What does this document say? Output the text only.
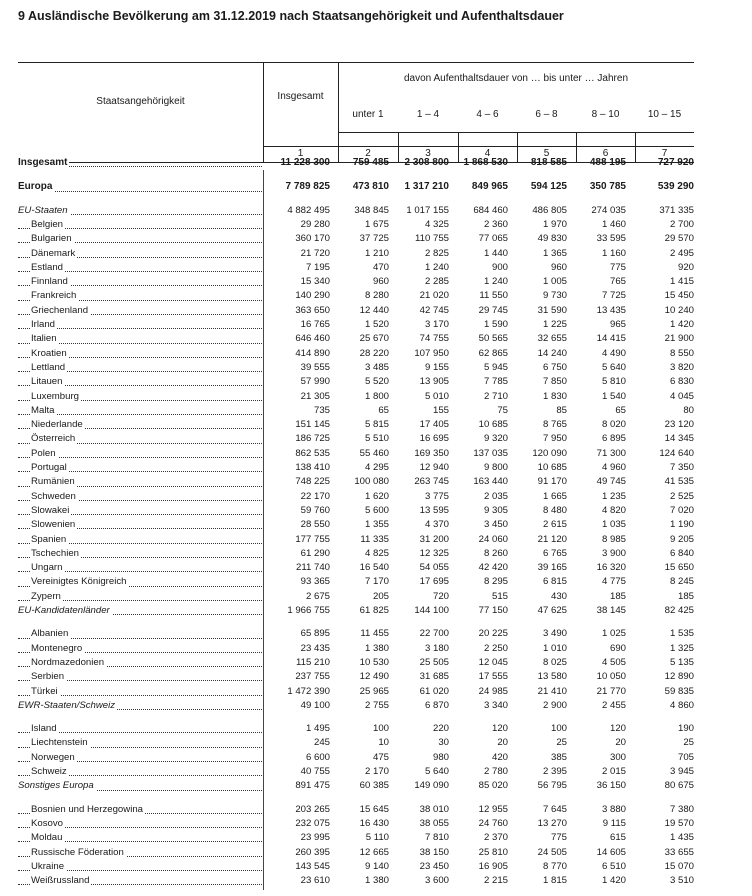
9 Ausländische Bevölkerung am 31.12.2019 nach Staatsangehörigkeit und Aufenthaltsdauer
Staatsangehörigkeit	Insgesamt
davon Aufenthaltsdauer von … bis unter … Jahren
unter 1	1 – 4	4 – 6	6 – 8	8 – 10	10 – 15
1	2	3	4	5	6	7
Insgesamt	11 228 300	759 485	2 308 800	1 868 530	818 585	488 195	727 920
Europa	7 789 825	473 810	1 317 210	849 965	594 125	350 785	539 290
EU-Staaten	4 882 495	348 845	1 017 155	684 460	486 805	274 035	371 335
Belgien	29 280	1 675	4 325	2 360	1 970	1 460	2 700
Bulgarien	360 170	37 725	110 755	77 065	49 830	33 595	29 570
Dänemark	21 720	1 210	2 825	1 440	1 365	1 160	2 495
Estland	7 195	470	1 240	900	960	775	920
Finnland	15 340	960	2 285	1 240	1 005	765	1 415
Frankreich	140 290	8 280	21 020	11 550	9 730	7 725	15 450
Griechenland	363 650	12 440	42 745	29 745	31 590	13 435	10 240
Irland	16 765	1 520	3 170	1 590	1 225	965	1 420
Italien	646 460	25 670	74 755	50 565	32 655	14 415	21 900
Kroatien	414 890	28 220	107 950	62 865	14 240	4 490	8 550
Lettland	39 555	3 485	9 155	5 945	6 750	5 640	3 820
Litauen	57 990	5 520	13 905	7 785	7 850	5 810	6 830
Luxemburg	21 305	1 800	5 010	2 710	1 830	1 540	4 045
Malta	735	65	155	75	85	65	80
Niederlande	151 145	5 815	17 405	10 685	8 765	8 020	23 120
Österreich	186 725	5 510	16 695	9 320	7 950	6 895	14 345
Polen	862 535	55 460	169 350	137 035	120 090	71 300	124 640
Portugal	138 410	4 295	12 940	9 800	10 685	4 960	7 350
Rumänien	748 225	100 080	263 745	163 440	91 170	49 745	41 535
Schweden	22 170	1 620	3 775	2 035	1 665	1 235	2 525
Slowakei	59 760	5 600	13 595	9 305	8 480	4 820	7 020
Slowenien	28 550	1 355	4 370	3 450	2 615	1 035	1 190
Spanien	177 755	11 335	31 200	24 060	21 120	8 985	9 205
Tschechien	61 290	4 825	12 325	8 260	6 765	3 900	6 840
Ungarn	211 740	16 540	54 055	42 420	39 165	16 320	15 650
Vereinigtes Königreich	93 365	7 170	17 695	8 295	6 815	4 775	8 245
Zypern	2 675	205	720	515	430	185	185
EU-Kandidatenländer	1 966 755	61 825	144 100	77 150	47 625	38 145	82 425
Albanien	65 895	11 455	22 700	20 225	3 490	1 025	1 535
Montenegro	23 435	1 380	3 180	2 250	1 010	690	1 325
Nordmazedonien	115 210	10 530	25 505	12 045	8 025	4 505	5 135
Serbien	237 755	12 490	31 685	17 555	13 580	10 050	12 890
Türkei	1 472 390	25 965	61 020	24 985	21 410	21 770	59 835
EWR-Staaten/Schweiz	49 100	2 755	6 870	3 340	2 900	2 455	4 860
Island	1 495	100	220	120	100	120	190
Liechtenstein	245	10	30	20	25	20	25
Norwegen	6 600	475	980	420	385	300	705
Schweiz	40 755	2 170	5 640	2 780	2 395	2 015	3 945
Sonstiges Europa	891 475	60 385	149 090	85 020	56 795	36 150	80 675
Bosnien und Herzegowina	203 265	15 645	38 010	12 955	7 645	3 880	7 380
Kosovo	232 075	16 430	38 055	24 760	13 270	9 115	19 570
Moldau	23 995	5 110	7 810	2 370	775	615	1 435
Russische Föderation	260 395	12 665	38 150	25 810	24 505	14 605	33 655
Ukraine	143 545	9 140	23 450	16 905	8 770	6 510	15 070
Weißrussland	23 610	1 380	3 600	2 215	1 815	1 420	3 510
